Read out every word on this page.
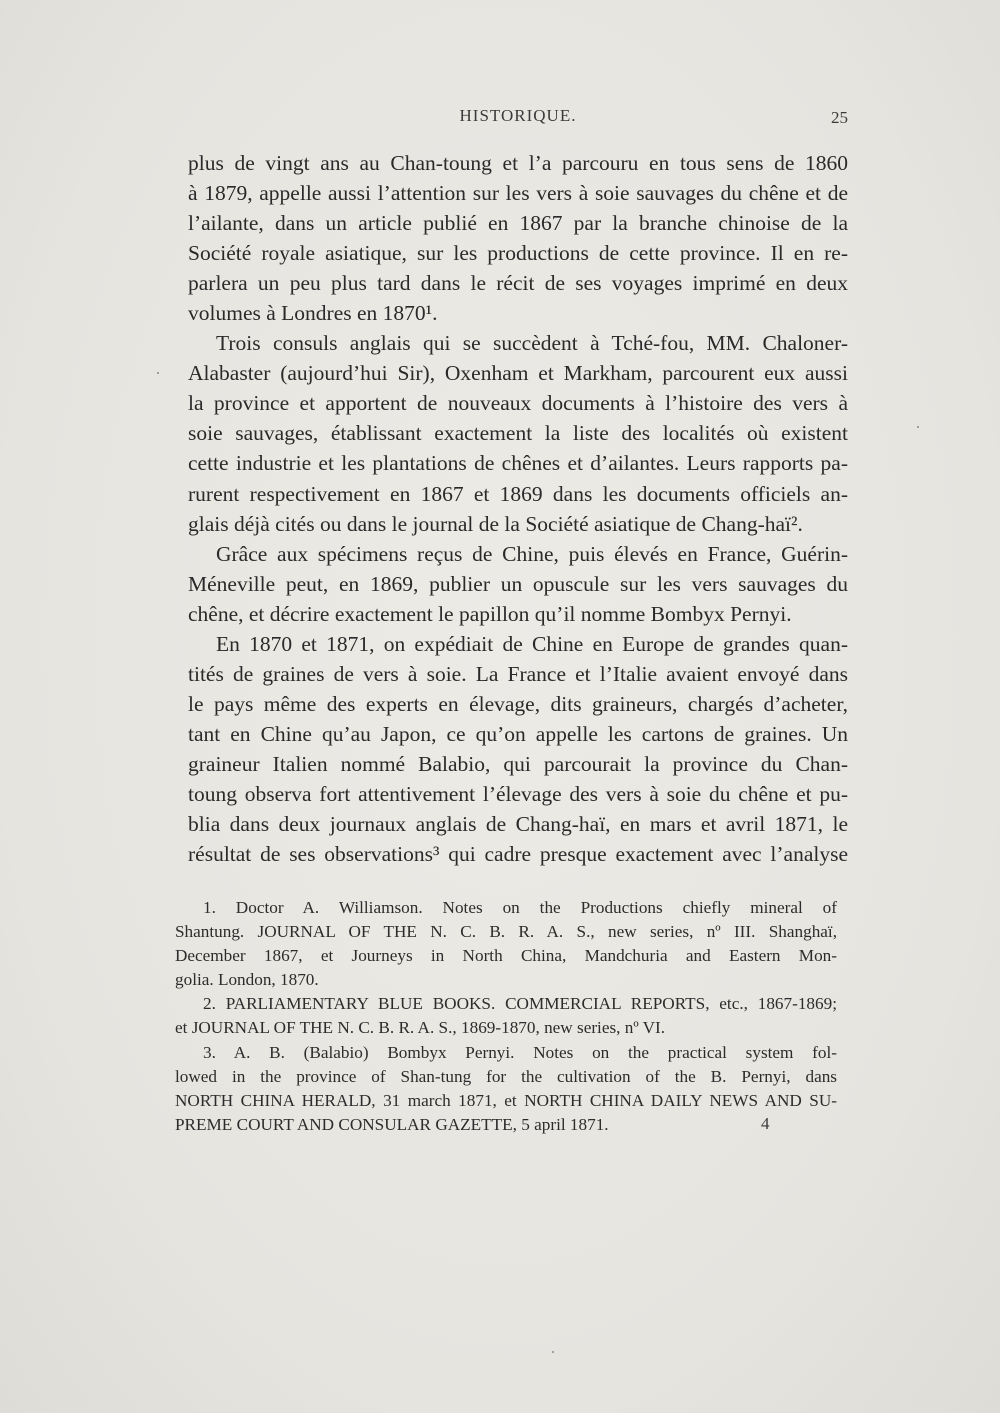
HISTORIQUE.	25
plus de vingt ans au Chan-toung et l’a parcouru en tous sens de 1860
à 1879, appelle aussi l’attention sur les vers à soie sauvages du chêne et de
l’ailante, dans un article publié en 1867 par la branche chinoise de la
Société royale asiatique, sur les productions de cette province. Il en re-
parlera un peu plus tard dans le récit de ses voyages imprimé en deux
volumes à Londres en 1870¹.
Trois consuls anglais qui se succèdent à Tché-fou, MM. Chaloner-
Alabaster (aujourd’hui Sir), Oxenham et Markham, parcourent eux aussi
la province et apportent de nouveaux documents à l’histoire des vers à
soie sauvages, établissant exactement la liste des localités où existent
cette industrie et les plantations de chênes et d’ailantes. Leurs rapports pa-
rurent respectivement en 1867 et 1869 dans les documents officiels an-
glais déjà cités ou dans le journal de la Société asiatique de Chang-haï².
Grâce aux spécimens reçus de Chine, puis élevés en France, Guérin-
Méneville peut, en 1869, publier un opuscule sur les vers sauvages du
chêne, et décrire exactement le papillon qu’il nomme Bombyx Pernyi.
En 1870 et 1871, on expédiait de Chine en Europe de grandes quan-
tités de graines de vers à soie. La France et l’Italie avaient envoyé dans
le pays même des experts en élevage, dits graineurs, chargés d’acheter,
tant en Chine qu’au Japon, ce qu’on appelle les cartons de graines. Un
graineur Italien nommé Balabio, qui parcourait la province du Chan-
toung observa fort attentivement l’élevage des vers à soie du chêne et pu-
blia dans deux journaux anglais de Chang-haï, en mars et avril 1871, le
résultat de ses observations³ qui cadre presque exactement avec l’analyse
1. Doctor A. Williamson. Notes on the Productions chiefly mineral of
Shantung. JOURNAL OF THE N. C. B. R. A. S., new series, nº III. Shanghaï,
December 1867, et Journeys in North China, Mandchuria and Eastern Mon-
golia. London, 1870.
2. PARLIAMENTARY BLUE BOOKS. COMMERCIAL REPORTS, etc., 1867-1869;
et JOURNAL OF THE N. C. B. R. A. S., 1869-1870, new series, nº VI.
3. A. B. (Balabio) Bombyx Pernyi. Notes on the practical system fol-
lowed in the province of Shan-tung for the cultivation of the B. Pernyi, dans
NORTH CHINA HERALD, 31 march 1871, et NORTH CHINA DAILY NEWS AND SU-
PREME COURT AND CONSULAR GAZETTE, 5 april 1871.	4
